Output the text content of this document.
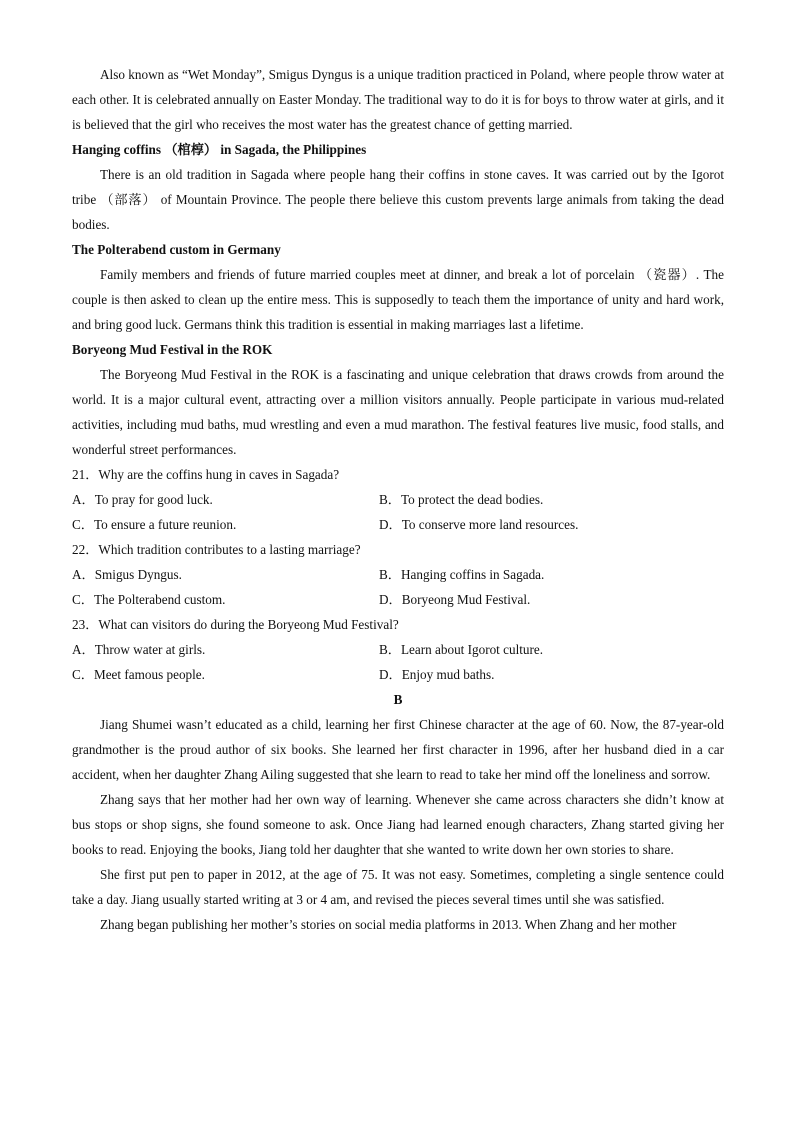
Also known as “Wet Monday”, Smigus Dyngus is a unique tradition practiced in Poland, where people throw water at each other. It is celebrated annually on Easter Monday. The traditional way to do it is for boys to throw water at girls, and it is believed that the girl who receives the most water has the greatest chance of getting married.

Hanging coffins （棺椁） in Sagada, the Philippines

There is an old tradition in Sagada where people hang their coffins in stone caves. It was carried out by the Igorot tribe （部落） of Mountain Province. The people there believe this custom prevents large animals from taking the dead bodies.

The Polterabend custom in Germany

Family members and friends of future married couples meet at dinner, and break a lot of porcelain （瓷器）. The couple is then asked to clean up the entire mess. This is supposedly to teach them the importance of unity and hard work, and bring good luck. Germans think this tradition is essential in making marriages last a lifetime.

Boryeong Mud Festival in the ROK

The Boryeong Mud Festival in the ROK is a fascinating and unique celebration that draws crowds from around the world. It is a major cultural event, attracting over a million visitors annually. People participate in various mud-related activities, including mud baths, mud wrestling and even a mud marathon. The festival features live music, food stalls, and wonderful street performances.

21．Why are the coffins hung in caves in Sagada?

A．To pray for good luck.	B．To protect the dead bodies.
C．To ensure a future reunion.	D．To conserve more land resources.

22．Which tradition contributes to a lasting marriage?

A．Smigus Dyngus.	B．Hanging coffins in Sagada.
C．The Polterabend custom.	D．Boryeong Mud Festival.

23．What can visitors do during the Boryeong Mud Festival?

A．Throw water at girls.	B．Learn about Igorot culture.
C．Meet famous people.	D．Enjoy mud baths.

B

Jiang Shumei wasn’t educated as a child, learning her first Chinese character at the age of 60. Now, the 87-year-old grandmother is the proud author of six books. She learned her first character in 1996, after her husband died in a car accident, when her daughter Zhang Ailing suggested that she learn to read to take her mind off the loneliness and sorrow.

Zhang says that her mother had her own way of learning. Whenever she came across characters she didn’t know at bus stops or shop signs, she found someone to ask. Once Jiang had learned enough characters, Zhang started giving her books to read. Enjoying the books, Jiang told her daughter that she wanted to write down her own stories to share.

She first put pen to paper in 2012, at the age of 75. It was not easy. Sometimes, completing a single sentence could take a day. Jiang usually started writing at 3 or 4 am, and revised the pieces several times until she was satisfied.

Zhang began publishing her mother’s stories on social media platforms in 2013. When Zhang and her mother
